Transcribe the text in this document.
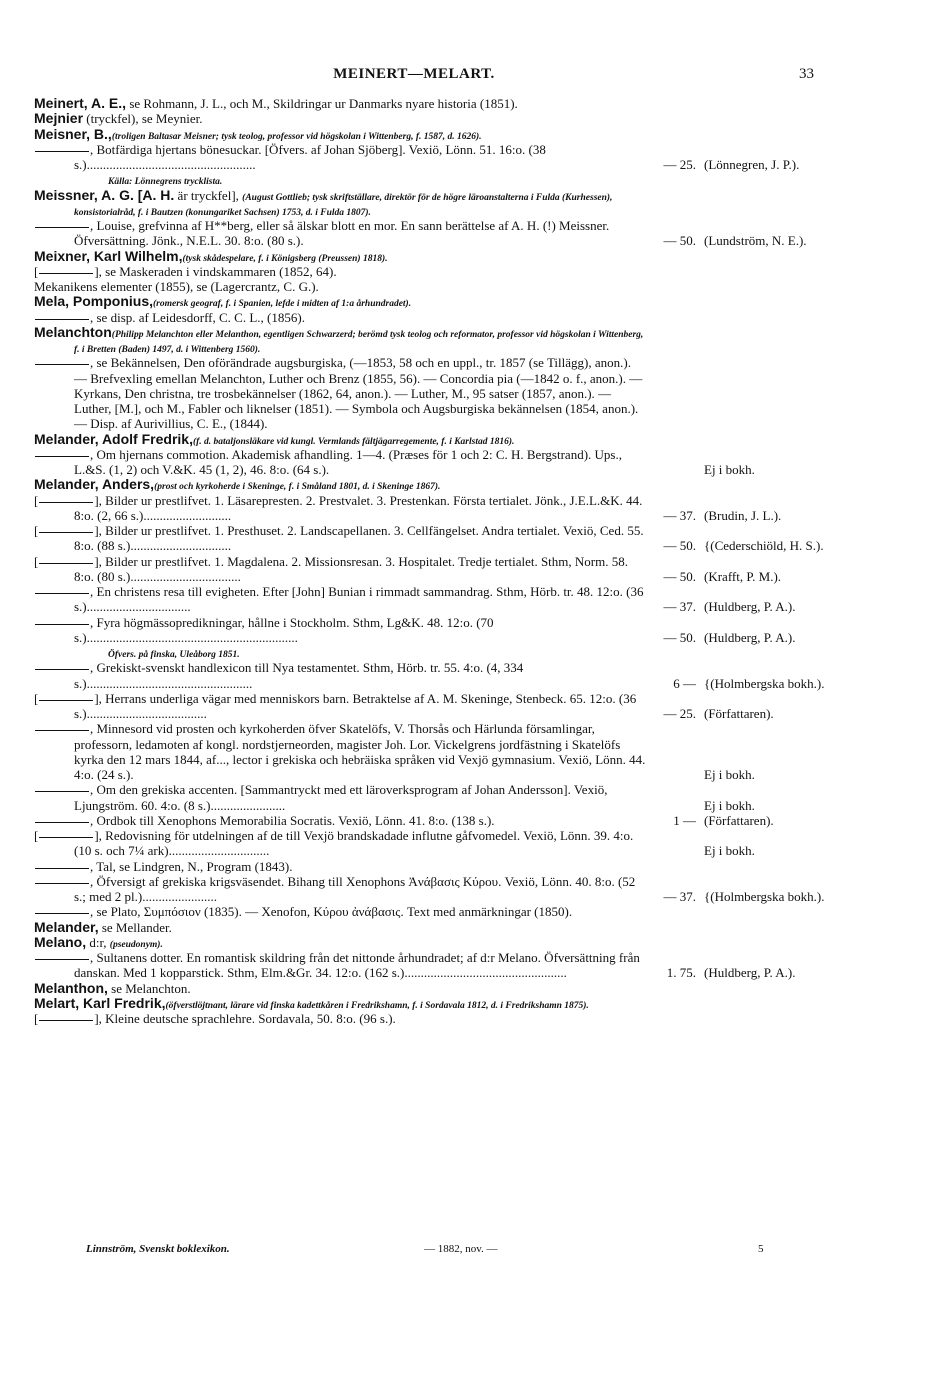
MEINERT—MELART.	33
Meinert, A. E., se Rohmann, J. L., och M., Skildringar ur Danmarks nyare historia (1851).
Mejnier (tryckfel), se Meynier.
Meisner, B.,(troligen Baltasar Meisner; tysk teolog, professor vid högskolan i Wittenberg, f. 1587, d. 1626).
, Botfärdiga hjertans bönesuckar. [Öfvers. af Johan Sjöberg]. Vexiö, Lönn. 51. 16:o. (38 s.)....................................................	— 25. (Lönnegren, J. P.).
Källa: Lönnegrens trycklista.
Meissner, A. G. [A. H. är tryckfel], (August Gottlieb; tysk skriftställare, direktör för de högre läroanstalterna i Fulda (Kurhessen), konsistorialråd, f. i Bautzen (konungariket Sachsen) 1753, d. i Fulda 1807).
, Louise, grefvinna af H**berg, eller så älskar blott en mor. En sann berättelse af A. H. (!) Meissner. Öfversättning. Jönk., N.E.L. 30. 8:o. (80 s.).	— 50. (Lundström, N. E.).
Meixner, Karl Wilhelm,(tysk skådespelare, f. i Königsberg (Preussen) 1818).
[	], se Maskeraden i vindskammaren (1852, 64).
Mekanikens elementer (1855), se (Lagercrantz, C. G.).
Mela, Pomponius,(romersk geograf, f. i Spanien, lefde i midten af 1:a århundradet).
, se disp. af Leidesdorff, C. C. L., (1856).
Melanchton(Philipp Melanchton eller Melanthon, egentligen Schwarzerd; berömd tysk teolog och reformator, professor vid högskolan i Wittenberg, f. i Bretten (Baden) 1497, d. i Wittenberg 1560).
, se Bekännelsen, Den oförändrade augsburgiska, (—1853, 58 och en uppl., tr. 1857 (se Tillägg), anon.). — Brefvexling emellan Melanchton, Luther och Brenz (1855, 56). — Concordia pia (—1842 o. f., anon.). — Kyrkans, Den christna, tre trosbekännelser (1862, 64, anon.). — Luther, M., 95 satser (1857, anon.). — Luther, [M.], och M., Fabler och liknelser (1851). — Symbola och Augsburgiska bekännelsen (1854, anon.). — Disp. af Aurivillius, C. E., (1844).
Melander, Adolf Fredrik,(f. d. bataljonsläkare vid kungl. Vermlands fältjägarregemente, f. i Karlstad 1816).
, Om hjernans commotion. Akademisk afhandling. 1—4. (Præses för 1 och 2: C. H. Bergstrand). Ups., L.&S. (1, 2) och V.&K. 45 (1, 2), 46. 8:o. (64 s.).	Ej i bokh.
Melander, Anders,(prost och kyrkoherde i Skeninge, f. i Småland 1801, d. i Skeninge 1867).
[	], Bilder ur prestlifvet. 1. Läsarepresten. 2. Prestvalet. 3. Prestenkan. Första tertialet. Jönk., J.E.L.&K. 44. 8:o. (2, 66 s.)...........................	— 37. (Brudin, J. L.).
[	], Bilder ur prestlifvet. 1. Presthuset. 2. Landscapellanen. 3. Cellfängelset. Andra tertialet. Vexiö, Ced. 55. 8:o. (88 s.)...............................	— 50. {(Cederschiöld, H. S.).
[	], Bilder ur prestlifvet. 1. Magdalena. 2. Missionsresan. 3. Hospitalet. Tredje tertialet. Sthm, Norm. 58. 8:o. (80 s.)..................................	— 50. (Krafft, P. M.).
, En christens resa till evigheten. Efter [John] Bunian i rimmadt sammandrag. Sthm, Hörb. tr. 48. 12:o. (36 s.)................................	— 37. (Huldberg, P. A.).
, Fyra högmässopredikningar, hållne i Stockholm. Sthm, Lg&K. 48. 12:o. (70 s.).................................................................	— 50. (Huldberg, P. A.).
Öfvers. på finska, Uleåborg 1851.
, Grekiskt-svenskt handlexicon till Nya testamentet. Sthm, Hörb. tr. 55. 4:o. (4, 334 s.)...................................................	6 — {(Holmbergska bokh.).
[	], Herrans underliga vägar med menniskors barn. Betraktelse af A. M. Skeninge, Stenbeck. 65. 12:o. (36 s.).....................................	— 25. (Författaren).
, Minnesord vid prosten och kyrkoherden öfver Skatelöfs, V. Thorsås och Härlunda församlingar, professorn, ledamoten af kongl. nordstjerneorden, magister Joh. Lor. Vickelgrens jordfästning i Skatelöfs kyrka den 12 mars 1844, af..., lector i grekiska och hebräiska språken vid Vexjö gymnasium. Vexiö, Lönn. 44. 4:o. (24 s.).	Ej i bokh.
, Om den grekiska accenten. [Sammantryckt med ett läroverksprogram af Johan Andersson]. Vexiö, Ljungström. 60. 4:o. (8 s.).......................	Ej i bokh.
, Ordbok till Xenophons Memorabilia Socratis. Vexiö, Lönn. 41. 8:o. (138 s.).	1 — (Författaren).
[	], Redovisning för utdelningen af de till Vexjö brandskadade influtne gåfvomedel. Vexiö, Lönn. 39. 4:o. (10 s. och 7¼ ark)...............................	Ej i bokh.
, Tal, se Lindgren, N., Program (1843).
, Öfversigt af grekiska krigsväsendet. Bihang till Xenophons Ἀνάβασις Κύρου. Vexiö, Lönn. 40. 8:o. (52 s.; med 2 pl.).......................	— 37. {(Holmbergska bokh.).
, se Plato, Συμπόσιον (1835). — Xenofon, Κύρου ἀνάβασις. Text med anmärkningar (1850).
Melander, se Mellander.
Melano, d:r, (pseudonym).
, Sultanens dotter. En romantisk skildring från det nittonde århundradet; af d:r Melano. Öfversättning från danskan. Med 1 kopparstick. Sthm, Elm.&Gr. 34. 12:o. (162 s.)..................................................	1. 75. (Huldberg, P. A.).
Melanthon, se Melanchton.
Melart, Karl Fredrik,(öfverstlöjtnant, lärare vid finska kadettkåren i Fredrikshamn, f. i Sordavala 1812, d. i Fredrikshamn 1875).
[	], Kleine deutsche sprachlehre. Sordavala, 50. 8:o. (96 s.).
Linnström, Svenskt boklexikon.	— 1882, nov. —	5
